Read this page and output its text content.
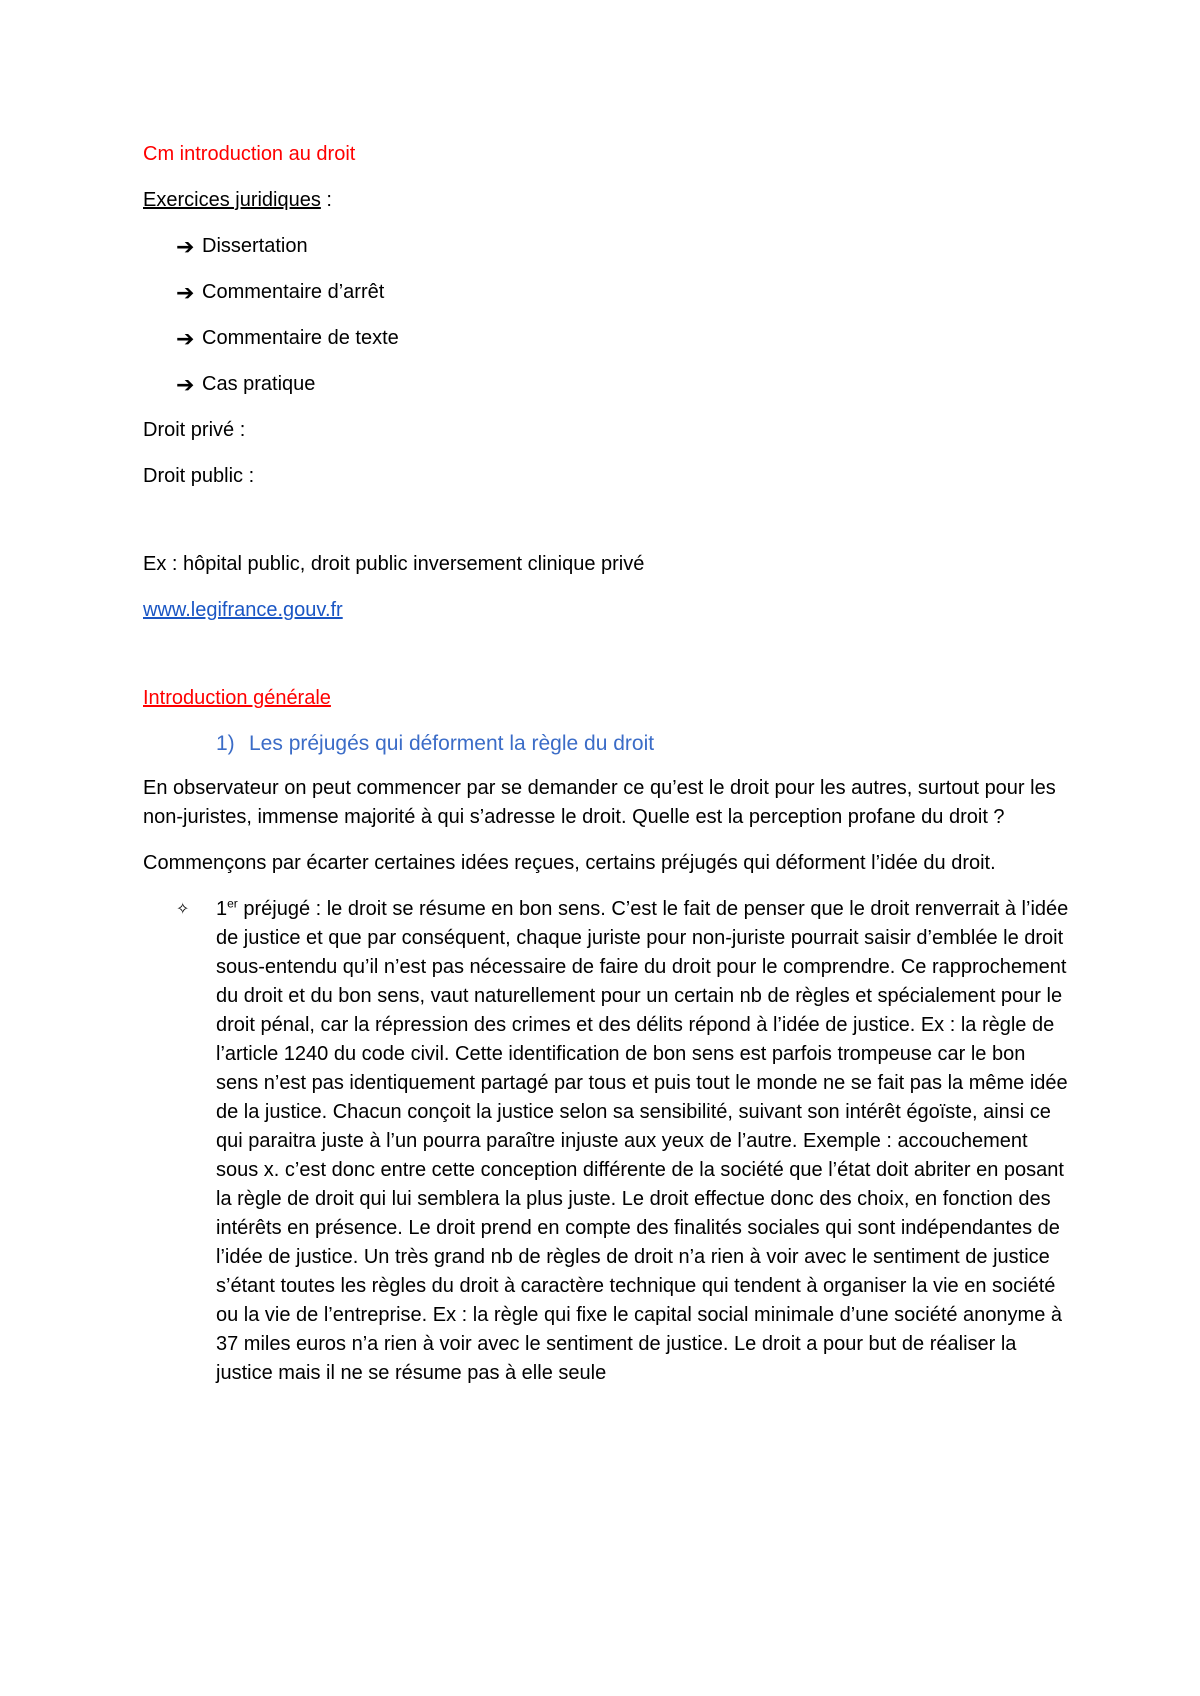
Cm introduction au droit
Exercices juridiques :
➔ Dissertation
➔ Commentaire d’arrêt
➔ Commentaire de texte
➔ Cas pratique
Droit privé :
Droit public :
Ex : hôpital public, droit public inversement clinique privé
www.legifrance.gouv.fr
Introduction générale
1) Les préjugés qui déforment la règle du droit
En observateur on peut commencer par se demander ce qu’est le droit pour les autres, surtout pour les non-juristes, immense majorité à qui s’adresse le droit. Quelle est la perception profane du droit ?
Commençons par écarter certaines idées reçues, certains préjugés qui déforment l’idée du droit.
✧	1er préjugé : le droit se résume en bon sens. C’est le fait de penser que le droit renverrait à l’idée de justice et que par conséquent, chaque juriste pour non-juriste pourrait saisir d’emblée le droit sous-entendu qu’il n’est pas nécessaire de faire du droit pour le comprendre. Ce rapprochement du droit et du bon sens, vaut naturellement pour un certain nb de règles et spécialement pour le droit pénal, car la répression des crimes et des délits répond à l’idée de justice. Ex : la règle de l’article 1240 du code civil. Cette identification de bon sens est parfois trompeuse car le bon sens n’est pas identiquement partagé par tous et puis tout le monde ne se fait pas la même idée de la justice. Chacun conçoit la justice selon sa sensibilité, suivant son intérêt égoïste, ainsi ce qui paraitra juste à l’un pourra paraître injuste aux yeux de l’autre. Exemple : accouchement sous x. c’est donc entre cette conception différente de la société que l’état doit abriter en posant la règle de droit qui lui semblera la plus juste. Le droit effectue donc des choix, en fonction des intérêts en présence. Le droit prend en compte des finalités sociales qui sont indépendantes de l’idée de justice. Un très grand nb de règles de droit n’a rien à voir avec le sentiment de justice s’étant toutes les règles du droit à caractère technique qui tendent à organiser la vie en société ou la vie de l’entreprise. Ex : la règle qui fixe le capital social minimale d’une société anonyme à 37 miles euros n’a rien à voir avec le sentiment de justice. Le droit a pour but de réaliser la justice mais il ne se résume pas à elle seule
